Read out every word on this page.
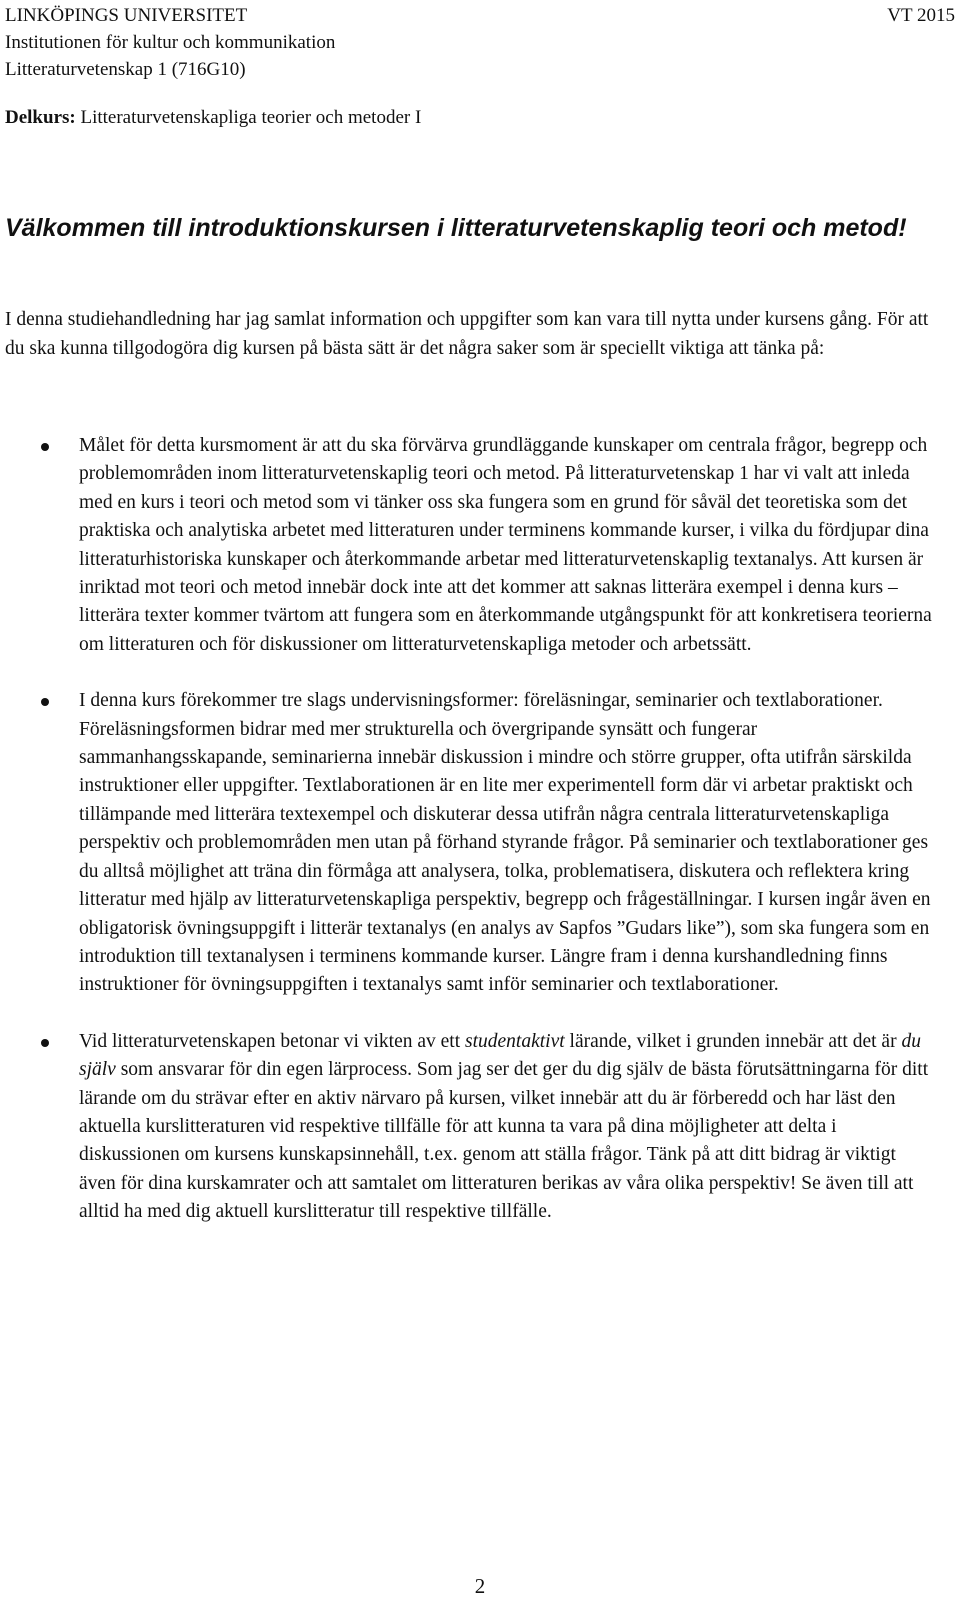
LINKÖPINGS UNIVERSITET	VT 2015
Institutionen för kultur och kommunikation
Litteraturvetenskap 1 (716G10)
Delkurs: Litteraturvetenskapliga teorier och metoder I
Välkommen till introduktionskursen i litteraturvetenskaplig teori och metod!

I denna studiehandledning har jag samlat information och uppgifter som kan vara till nytta under kursens gång. För att du ska kunna tillgodogöra dig kursen på bästa sätt är det några saker som är speciellt viktiga att tänka på:

Målet för detta kursmoment är att du ska förvärva grundläggande kunskaper om centrala frågor, begrepp och problemområden inom litteraturvetenskaplig teori och metod. På litteraturvetenskap 1 har vi valt att inleda med en kurs i teori och metod som vi tänker oss ska fungera som en grund för såväl det teoretiska som det praktiska och analytiska arbetet med litteraturen under terminens kommande kurser, i vilka du fördjupar dina litteraturhistoriska kunskaper och återkommande arbetar med litteraturvetenskaplig textanalys. Att kursen är inriktad mot teori och metod innebär dock inte att det kommer att saknas litterära exempel i denna kurs – litterära texter kommer tvärtom att fungera som en återkommande utgångspunkt för att konkretisera teorierna om litteraturen och för diskussioner om litteraturvetenskapliga metoder och arbetssätt.
I denna kurs förekommer tre slags undervisningsformer: föreläsningar, seminarier och textlaborationer. Föreläsningsformen bidrar med mer strukturella och övergripande synsätt och fungerar sammanhangsskapande, seminarierna innebär diskussion i mindre och större grupper, ofta utifrån särskilda instruktioner eller uppgifter. Textlaborationen är en lite mer experimentell form där vi arbetar praktiskt och tillämpande med litterära textexempel och diskuterar dessa utifrån några centrala litteraturvetenskapliga perspektiv och problemområden men utan på förhand styrande frågor. På seminarier och textlaborationer ges du alltså möjlighet att träna din förmåga att analysera, tolka, problematisera, diskutera och reflektera kring litteratur med hjälp av litteraturvetenskapliga perspektiv, begrepp och frågeställningar. I kursen ingår även en obligatorisk övningsuppgift i litterär textanalys (en analys av Sapfos ”Gudars like”), som ska fungera som en introduktion till textanalysen i terminens kommande kurser. Längre fram i denna kurshandledning finns instruktioner för övningsuppgiften i textanalys samt inför seminarier och textlaborationer.
Vid litteraturvetenskapen betonar vi vikten av ett studentaktivt lärande, vilket i grunden innebär att det är du själv som ansvarar för din egen lärprocess. Som jag ser det ger du dig själv de bästa förutsättningarna för ditt lärande om du strävar efter en aktiv närvaro på kursen, vilket innebär att du är förberedd och har läst den aktuella kurslitteraturen vid respektive tillfälle för att kunna ta vara på dina möjligheter att delta i diskussionen om kursens kunskapsinnehåll, t.ex. genom att ställa frågor. Tänk på att ditt bidrag är viktigt även för dina kurskamrater och att samtalet om litteraturen berikas av våra olika perspektiv! Se även till att alltid ha med dig aktuell kurslitteratur till respektive tillfälle.
2
